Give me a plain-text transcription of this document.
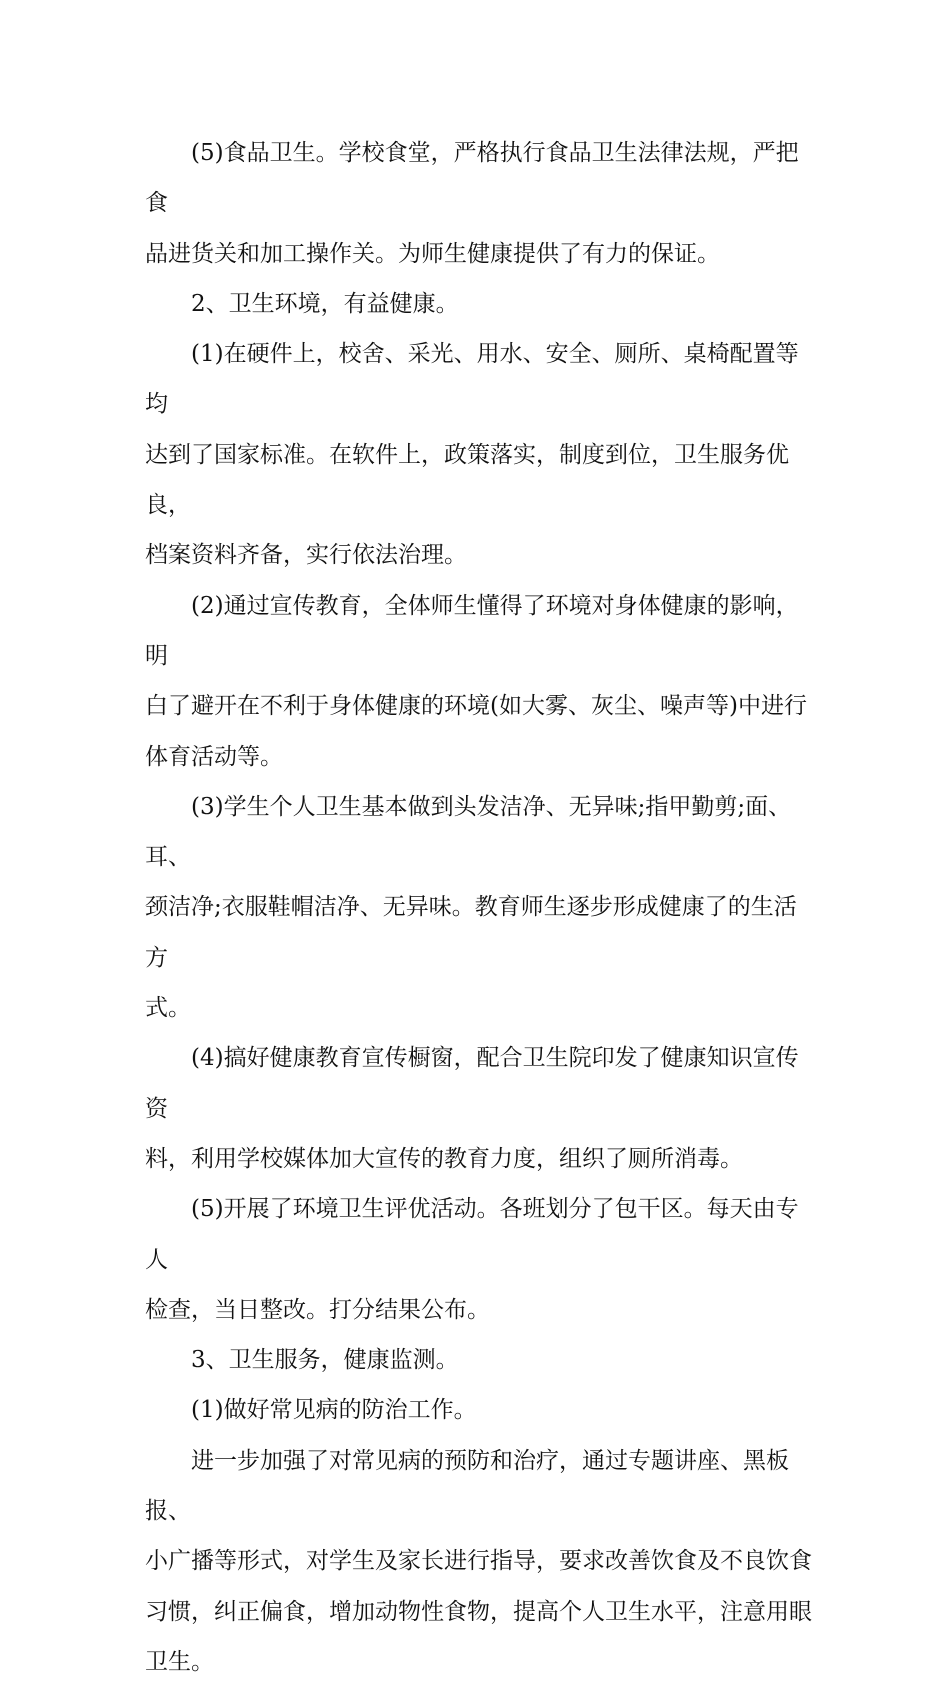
(5)食品卫生。学校食堂，严格执行食品卫生法律法规，严把食
品进货关和加工操作关。为师生健康提供了有力的保证。

2、卫生环境，有益健康。

(1)在硬件上，校舍、采光、用水、安全、厕所、桌椅配置等均
达到了国家标准。在软件上，政策落实，制度到位，卫生服务优良，
档案资料齐备，实行依法治理。

(2)通过宣传教育，全体师生懂得了环境对身体健康的影响，明
白了避开在不利于身体健康的环境(如大雾、灰尘、噪声等)中进行
体育活动等。

(3)学生个人卫生基本做到头发洁净、无异味;指甲勤剪;面、耳、
颈洁净;衣服鞋帽洁净、无异味。教育师生逐步形成健康了的生活方
式。

(4)搞好健康教育宣传橱窗，配合卫生院印发了健康知识宣传资
料，利用学校媒体加大宣传的教育力度，组织了厕所消毒。

(5)开展了环境卫生评优活动。各班划分了包干区。每天由专人
检查，当日整改。打分结果公布。

3、卫生服务，健康监测。

(1)做好常见病的防治工作。

进一步加强了对常见病的预防和治疗，通过专题讲座、黑板报、
小广播等形式，对学生及家长进行指导，要求改善饮食及不良饮食
习惯，纠正偏食，增加动物性食物，提高个人卫生水平，注意用眼
卫生。
